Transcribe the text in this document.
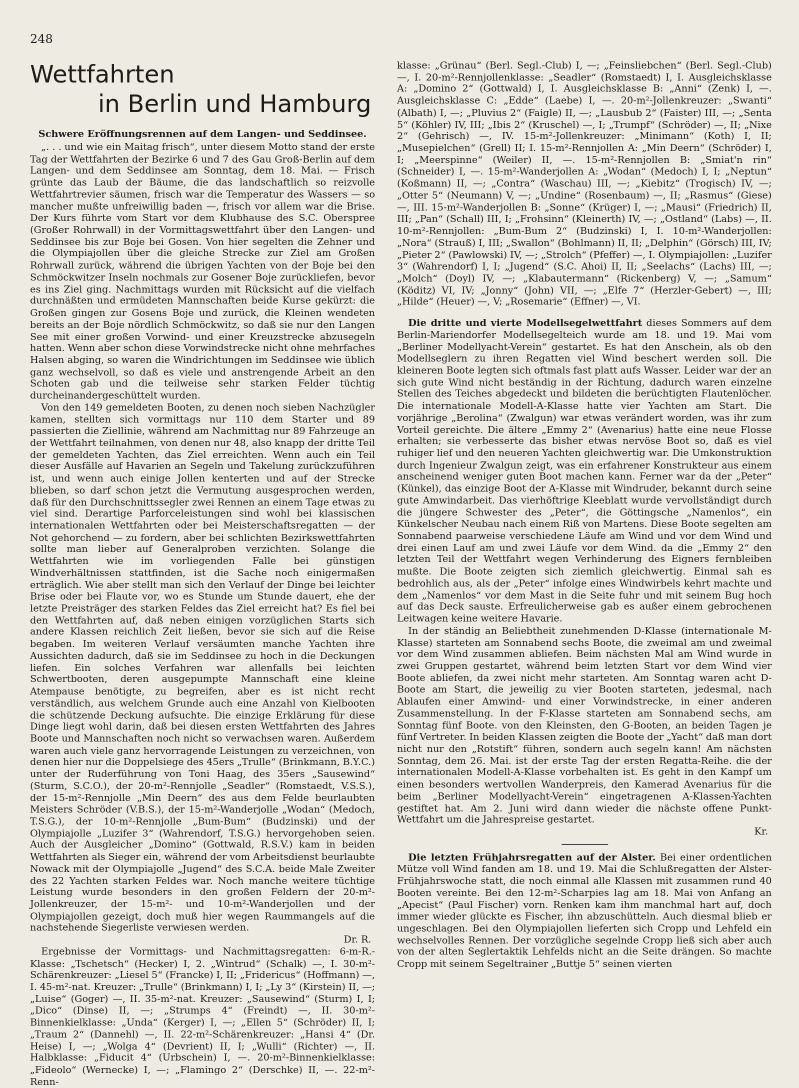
248
Wettfahrten
in Berlin und Hamburg
Schwere Eröffnungsrennen auf dem Langen- und Seddinsee.

„. . . und wie ein Maitag frisch“, unter diesem Motto stand der erste Tag der Wettfahrten der Bezirke 6 und 7 des Gau Groß-Berlin auf dem Langen- und dem Seddinsee am Sonntag, dem 18. Mai. — Frisch grünte das Laub der Bäume, die das landschaftlich so reizvolle Wettfahrtrevier säumen, frisch war die Temperatur des Wassers — so mancher mußte unfreiwillig baden —, frisch vor allem war die Brise. Der Kurs führte vom Start vor dem Klubhause des S.C. Oberspree (Großer Rohrwall) in der Vormittagswettfahrt über den Langen- und Seddinsee bis zur Boje bei Gosen. Von hier segelten die Zehner und die Olympiajollen über die gleiche Strecke zur Ziel am Großen Rohrwall zurück, während die übrigen Yachten von der Boje bei den Schmöckwitzer Inseln nochmals zur Gosener Boje zurückliefen, bevor es ins Ziel ging. Nachmittags wurden mit Rücksicht auf die vielfach durchnäßten und ermüdeten Mannschaften beide Kurse gekürzt: die Großen gingen zur Gosens Boje und zurück, die Kleinen wendeten bereits an der Boje nördlich Schmöckwitz, so daß sie nur den Langen See mit einer großen Vorwind- und einer Kreuzstrecke abzusegeln hatten. Wenn aber schon diese Vorwindstrecke nicht ohne mehrfaches Halsen abging, so waren die Windrichtungen im Seddinsee wie üblich ganz wechselvoll, so daß es viele und anstrengende Arbeit an den Schoten gab und die teilweise sehr starken Felder tüchtig durcheinandergeschüttelt wurden.

Von den 149 gemeldeten Booten, zu denen noch sieben Nachzügler kamen, stellten sich vormittags nur 110 dem Starter und 89 passierten die Ziellinie, während am Nachmittag nur 89 Fahrzeuge an der Wettfahrt teilnahmen, von denen nur 48, also knapp der dritte Teil der gemeldeten Yachten, das Ziel erreichten. Wenn auch ein Teil dieser Ausfälle auf Havarien an Segeln und Takelung zurückzuführen ist, und wenn auch einige Jollen kenterten und auf der Strecke blieben, so darf schon jetzt die Vermutung ausgesprochen werden, daß für den Durchschnittssegler zwei Rennen an einem Tage etwas zu viel sind. Derartige Parforceleistungen sind wohl bei klassischen internationalen Wettfahrten oder bei Meisterschaftsregatten — der Not gehorchend — zu fordern, aber bei schlichten Bezirkswettfahrten sollte man lieber auf Generalproben verzichten. Solange die Wettfahrten wie im vorliegenden Falle bei günstigen Windverhältnissen stattfinden, ist die Sache noch einigermaßen erträglich. Wie aber stellt man sich den Verlauf der Dinge bei leichter Brise oder bei Flaute vor, wo es Stunde um Stunde dauert, ehe der letzte Preisträger des starken Feldes das Ziel erreicht hat? Es fiel bei den Wettfahrten auf, daß neben einigen vorzüglichen Starts sich andere Klassen reichlich Zeit ließen, bevor sie sich auf die Reise begaben. Im weiteren Verlauf versäumten manche Yachten ihre Aussichten dadurch, daß sie im Seddinsee zu hoch in die Deckungen liefen. Ein solches Verfahren war allenfalls bei leichten Schwertbooten, deren ausgepumpte Mannschaft eine kleine Atempause benötigte, zu begreifen, aber es ist nicht recht verständlich, aus welchem Grunde auch eine Anzahl von Kielbooten die schützende Deckung aufsuchte. Die einzige Erklärung für diese Dinge liegt wohl darin, daß bei diesen ersten Wettfahrten des Jahres Boote und Mannschaften noch nicht so verwachsen waren. Außerdem waren auch viele ganz hervorragende Leistungen zu verzeichnen, von denen hier nur die Doppelsiege des 45ers „Trulle“ (Brinkmann, B.Y.C.) unter der Ruderführung von Toni Haag, des 35ers „Sausewind“ (Sturm, S.C.O.), der 20-m²-Rennjolle „Seadler“ (Romstaedt, V.S.S.), der 15-m²-Rennjolle „Min Deern“ des aus dem Felde beurlaubten Meisters Schröder (V.B.S.), der 15-m²-Wanderjolle „Wodan“ (Medoch, T.S.G.), der 10-m²-Rennjolle „Bum-Bum“ (Budzinski) und der Olympiajolle „Luzifer 3“ (Wahrendorf, T.S.G.) hervorgehoben seien. Auch der Ausgleicher „Domino“ (Gottwald, R.S.V.) kam in beiden Wettfahrten als Sieger ein, während der vom Arbeitsdienst beurlaubte Nowack mit der Olympiajolle „Jugend“ des S.C.A. beide Male Zweiter des 22 Yachten starken Feldes war. Noch manche weitere tüchtige Leistung wurde besonders in den großen Feldern der 20-m²-Jollenkreuzer, der 15-m²- und 10-m²-Wanderjollen und der Olympiajollen gezeigt, doch muß hier wegen Raummangels auf die nachstehende Siegerliste verwiesen werden.

Dr. R.

Ergebnisse der Vormittags- und Nachmittagsregatten: 6-m-R.-Klasse: „Tschetsch“ (Hecker) I, 2. „Wintrud“ (Schalk) —, I. 30-m²-Schärenkreuzer: „Liesel 5“ (Francke) I, II; „Fridericus“ (Hoffmann) —, I. 45-m²-nat. Kreuzer: „Trulle“ (Brinkmann) I, I; „Ly 3“ (Kirstein) II, —; „Luise“ (Goger) —, II. 35-m²-nat. Kreuzer: „Sausewind“ (Sturm) I, I; „Dico“ (Dinse) II, —; „Strumps 4“ (Freindt) —, II. 30-m²-Binnenkielklasse: „Unda“ (Kerger) I, —; „Ellen 5“ (Schröder) II, I; „Traum 2“ (Dannehl) —, II. 22-m²-Schärenkreuzer: „Hansi 4“ (Dr. Heise) I, —; „Wolga 4“ (Devrient) II, I; „Wulli“ (Richter) —, II. Halbklasse: „Fiducit 4“ (Urbschein) I, —. 20-m²-Binnenkielklasse: „Fideolo“ (Wernecke) I, —; „Flamingo 2“ (Derschke) II, —. 22-m²-Renn-

klasse: „Grünau“ (Berl. Segl.-Club) I, —; „Feinsliebchen“ (Berl. Segl.-Club) —, I. 20-m²-Rennjollenklasse: „Seadler“ (Romstaedt) I, I. Ausgleichsklasse A: „Domino 2“ (Gottwald) I, I. Ausgleichsklasse B: „Anni“ (Zenk) I, —. Ausgleichsklasse C: „Edde“ (Laebe) I, —. 20-m²-Jollenkreuzer: „Swanti“ (Albath) I, —; „Pluvius 2“ (Faigle) II, —; „Lausbub 2“ (Faister) III, —; „Senta 5“ (Köhler) IV, III; „Ibis 2“ (Kruschel) —, I; „Trumpf“ (Schröder) —, II; „Nixe 2“ (Gehrisch) —, IV. 15-m²-Jollenkreuzer: „Minimann“ (Koth) I, II; „Musepielchen“ (Grell) II; I. 15-m²-Rennjollen A: „Min Deern“ (Schröder) I, I; „Meerspinne“ (Weiler) II, —. 15-m²-Rennjollen B: „Smiat'n rin“ (Schneider) I, —. 15-m²-Wanderjollen A: „Wodan“ (Medoch) I, I; „Neptun“ (Koßmann) II, —; „Contra“ (Waschau) III, —; „Kiebitz“ (Trogisch) IV, —; „Otter 5“ (Neumann) V, —; „Undine“ (Rosenbaum) —, II; „Rasmus“ (Giese) —, III. 15-m²-Wanderjollen B: „Sonne“ (Krüger) I, —; „Mausi“ (Friedrich) II, III; „Pan“ (Schall) III, I; „Frohsinn“ (Kleinerth) IV, —; „Ostland“ (Labs) —, II. 10-m²-Rennjollen: „Bum-Bum 2“ (Budzinski) I, I. 10-m²-Wanderjollen: „Nora“ (Strauß) I, III; „Swallon“ (Bohlmann) II, II; „Delphin“ (Görsch) III, IV; „Pieter 2“ (Pawlowski) IV, —; „Strolch“ (Pfeffer) —, I. Olympiajollen: „Luzifer 3“ (Wahrendorf) I, I; „Jugend“ (S.C. Ahoi) II, II; „Seelachs“ (Lachs) III, —; „Molch“ (Doyl) IV, —; „Klabautermann“ (Rickenberg) V, —; „Samum“ (Köditz) VI, IV; „Jonny“ (John) VII, —; „Elfe 7“ (Herzler-Gebert) —, III; „Hilde“ (Heuer) —, V; „Rosemarie“ (Effner) —, VI.

Die dritte und vierte Modellsegelwettfahrt dieses Sommers auf dem Berlin-Mariendorfer Modellsegelteich wurde am 18. und 19. Mai vom „Berliner Modellyacht-Verein“ gestartet. Es hat den Anschein, als ob den Modellseglern zu ihren Regatten viel Wind beschert werden soll. Die kleineren Boote legten sich oftmals fast platt aufs Wasser. Leider war der an sich gute Wind nicht beständig in der Richtung, dadurch waren einzelne Stellen des Teiches abgedeckt und bildeten die berüchtigten Flautenlöcher. Die internationale Modell-A-Klasse hatte vier Yachten am Start. Die vorjährige „Berolina“ (Zwalgun) war etwas verändert worden, was ihr zum Vorteil gereichte. Die ältere „Emmy 2“ (Avenarius) hatte eine neue Flosse erhalten; sie verbesserte das bisher etwas nervöse Boot so, daß es viel ruhiger lief und den neueren Yachten gleichwertig war. Die Umkonstruktion durch Ingenieur Zwalgun zeigt, was ein erfahrener Konstrukteur aus einem anscheinend weniger guten Boot machen kann. Ferner war da der „Peter“ (Künkel), das einzige Boot der A-Klasse mit Windruder, bekannt durch seine gute Amwindarbeit. Das vierhöftrige Kleeblatt wurde vervollständigt durch die jüngere Schwester des „Peter“, die Göttingsche „Namenlos“, ein Künkelscher Neubau nach einem Riß von Martens. Diese Boote segelten am Sonnabend paarweise verschiedene Läufe am Wind und vor dem Wind und drei einen Lauf am und zwei Läufe vor dem Wind. da die „Emmy 2“ den letzten Teil der Wettfahrt wegen Verhinderung des Eigners fernbleiben mußte. Die Boote zeigten sich ziemlich gleichwertig. Einmal sah es bedrohlich aus, als der „Peter“ infolge eines Windwirbels kehrt machte und dem „Namenlos“ vor dem Mast in die Seite fuhr und mit seinem Bug hoch auf das Deck sauste. Erfreulicherweise gab es außer einem gebrochenen Leitwagen keine weitere Havarie.

In der ständig an Beliebtheit zunehmenden D-Klasse (internationale M-Klasse) starteten am Sonnabend sechs Boote, die zweimal am und zweimal vor dem Wind zusammen abliefen. Beim nächsten Mal am Wind wurde in zwei Gruppen gestartet, während beim letzten Start vor dem Wind vier Boote abliefen, da zwei nicht mehr starteten. Am Sonntag waren acht D-Boote am Start, die jeweilig zu vier Booten starteten, jedesmal, nach Ablaufen einer Amwind- und einer Vorwindstrecke, in einer anderen Zusammenstellung. In der F-Klasse starteten am Sonnabend sechs, am Sonntag fünf Boote. von den Kleinsten, den G-Booten, an beiden Tagen je fünf Vertreter. In beiden Klassen zeigten die Boote der „Yacht“ daß man dort nicht nur den „Rotstift“ führen, sondern auch segeln kann! Am nächsten Sonntag, dem 26. Mai. ist der erste Tag der ersten Regatta-Reihe. die der internationalen Modell-A-Klasse vorbehalten ist. Es geht in den Kampf um einen besonders wertvollen Wanderpreis, den Kamerad Avenarius für die beim „Berliner Modellyacht-Verein“ eingetragenen A-Klassen-Yachten gestiftet hat. Am 2. Juni wird dann wieder die nächste offene Punkt-Wettfahrt um die Jahrespreise gestartet.

Kr.

Die letzten Frühjahrsregatten auf der Alster. Bei einer ordentlichen Mütze voll Wind fanden am 18. und 19. Mai die Schlußregatten der Alster-Frühjahrswoche statt, die noch einmal alle Klassen mit zusammen rund 40 Booten vereinte. Bei den 12-m²-Scharpies lag am 18. Mai von Anfang an „Apecist“ (Paul Fischer) vorn. Renken kam ihm manchmal hart auf, doch immer wieder glückte es Fischer, ihn abzuschütteln. Auch diesmal blieb er ungeschlagen. Bei den Olympiajollen lieferten sich Cropp und Lehfeld ein wechselvolles Rennen. Der vorzügliche segelnde Cropp ließ sich aber auch von der alten Seglertaktik Lehfelds nicht an die Seite drängen. So machte Cropp mit seinem Segeltrainer „Buttje 5“ seinen vierten
